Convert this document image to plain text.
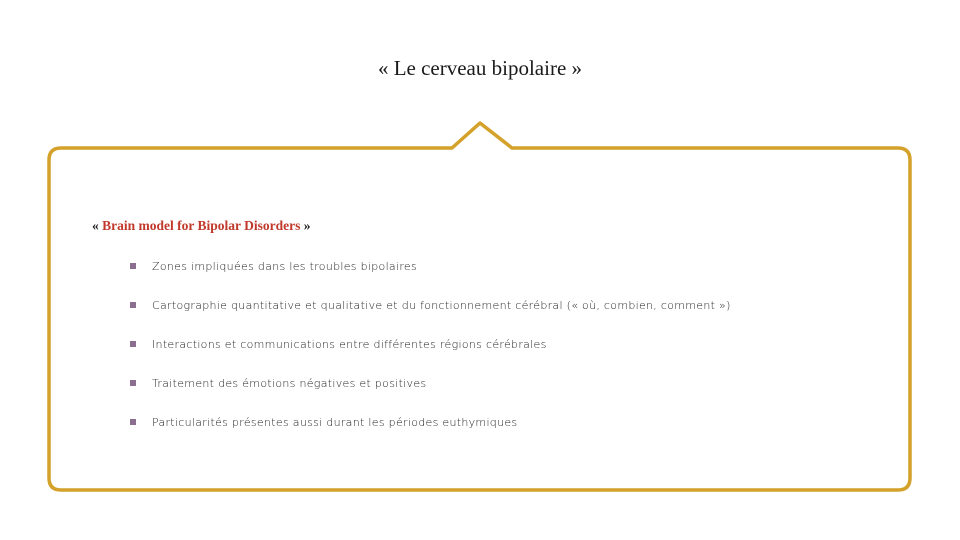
« Le cerveau bipolaire »
« Brain model for Bipolar Disorders »
Zones impliquées dans les troubles bipolaires
Cartographie quantitative et qualitative et du fonctionnement cérébral (« où, combien, comment »)
Interactions et communications entre différentes régions cérébrales
Traitement des émotions négatives et positives
Particularités présentes aussi durant les périodes euthymiques
